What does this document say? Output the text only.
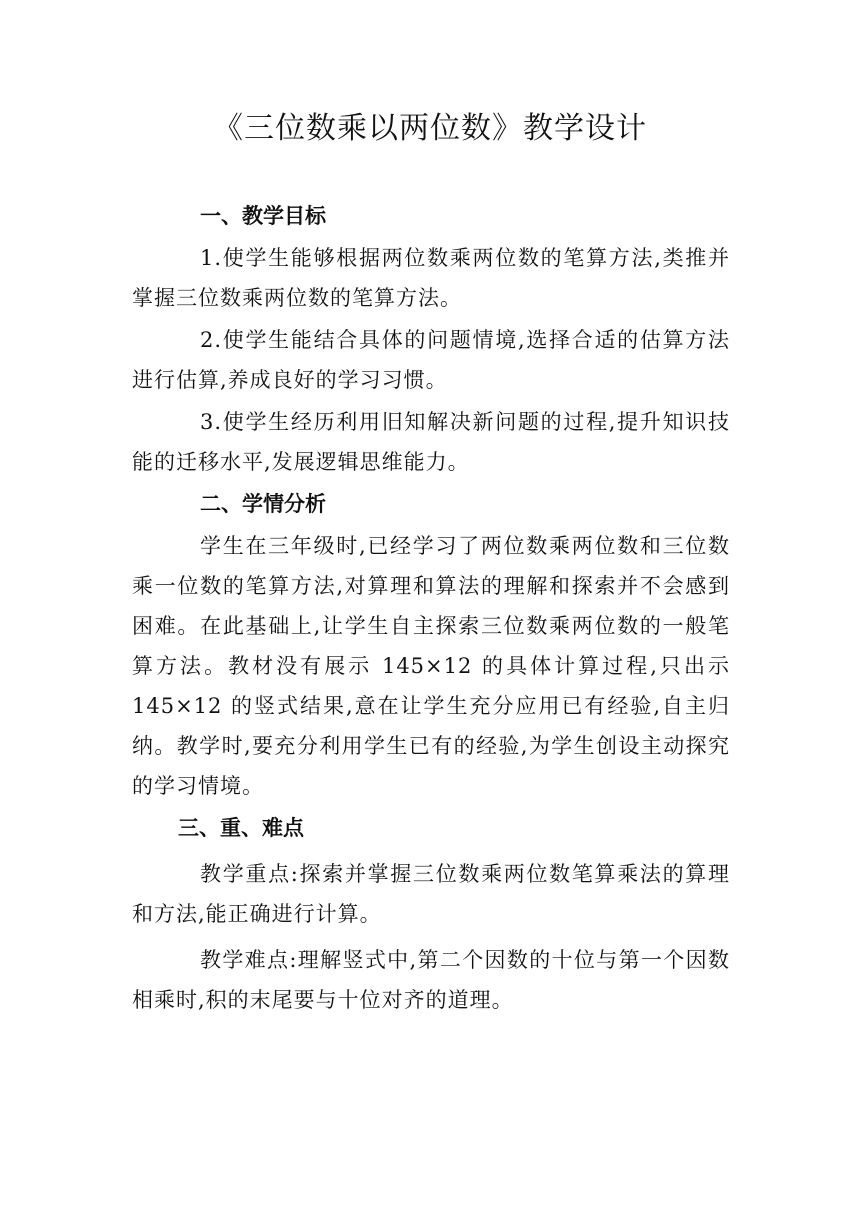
《三位数乘以两位数》教学设计
一、教学目标

1.使学生能够根据两位数乘两位数的笔算方法,类推并掌握三位数乘两位数的笔算方法。

2.使学生能结合具体的问题情境,选择合适的估算方法进行估算,养成良好的学习习惯。

3.使学生经历利用旧知解决新问题的过程,提升知识技能的迁移水平,发展逻辑思维能力。

二、学情分析

学生在三年级时,已经学习了两位数乘两位数和三位数乘一位数的笔算方法,对算理和算法的理解和探索并不会感到困难。在此基础上,让学生自主探索三位数乘两位数的一般笔算方法。教材没有展示 145×12 的具体计算过程,只出示 145×12 的竖式结果,意在让学生充分应用已有经验,自主归纳。教学时,要充分利用学生已有的经验,为学生创设主动探究的学习情境。

三、重、难点

教学重点:探索并掌握三位数乘两位数笔算乘法的算理和方法,能正确进行计算。

教学难点:理解竖式中,第二个因数的十位与第一个因数相乘时,积的末尾要与十位对齐的道理。
